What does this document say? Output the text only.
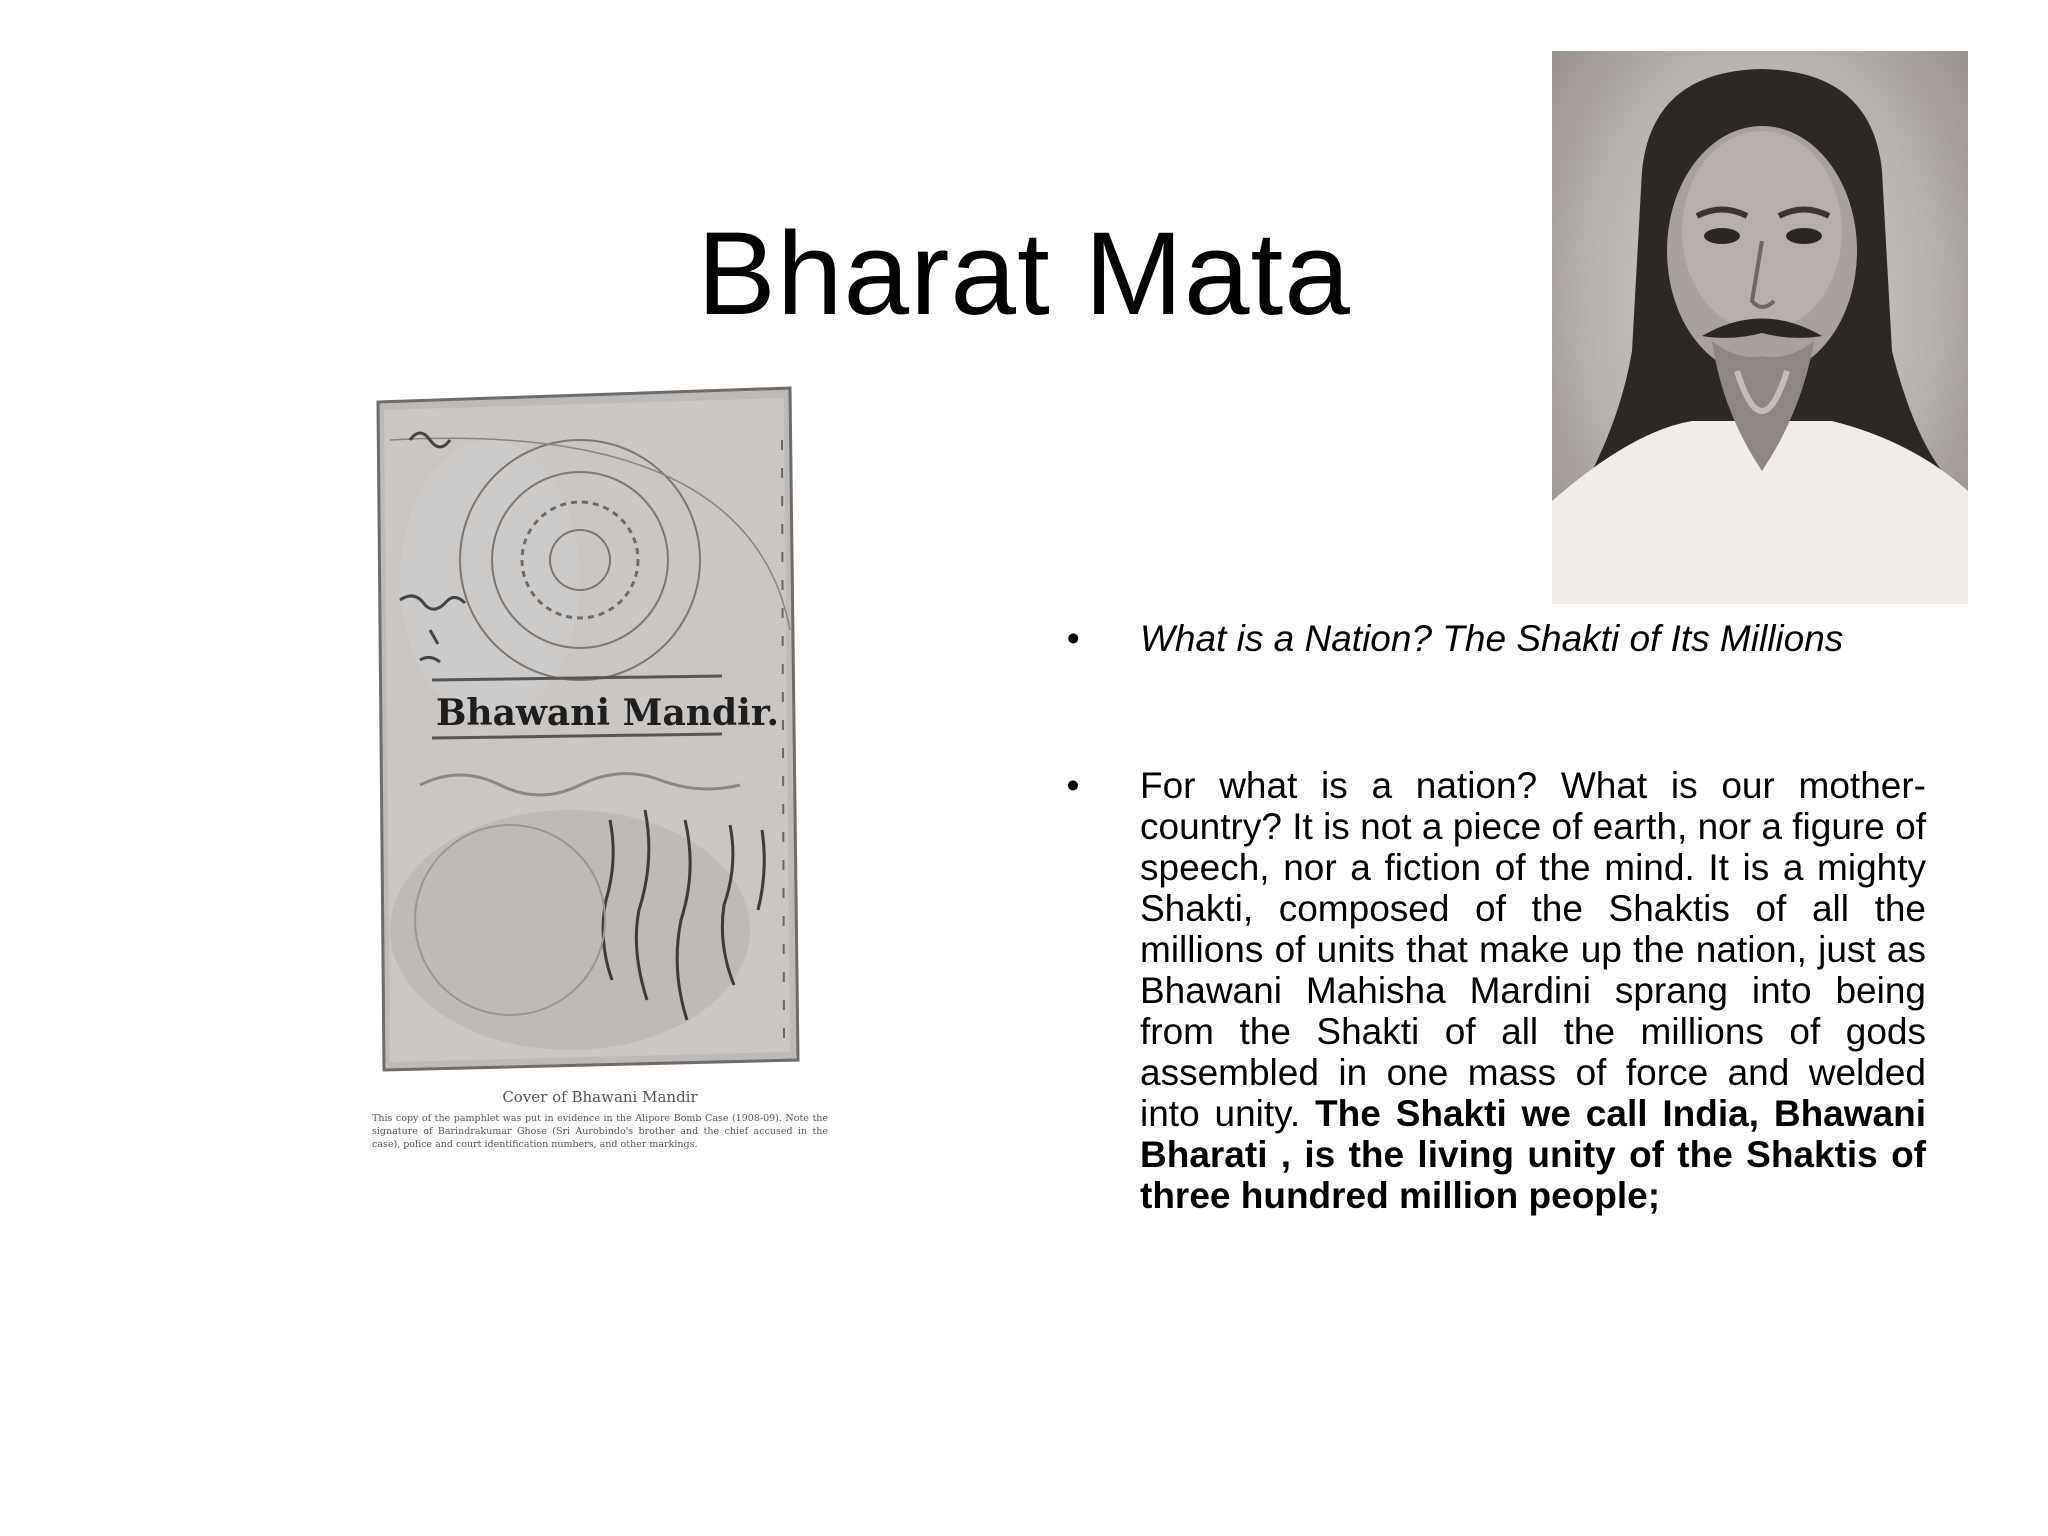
Bharat Mata
Bhawani Mandir.
Cover of Bhawani Mandir
This copy of the pamphlet was put in evidence in the Alipore Bomb Case (1908-09). Note the signature of Barindrakumar Ghose (Sri Aurobindo's brother and the chief accused in the case), police and court identification numbers, and other markings.
• What is a Nation? The Shakti of Its Millions
• For what is a nation? What is our mother-country? It is not a piece of earth, nor a figure of speech, nor a fiction of the mind. It is a mighty Shakti, composed of the Shaktis of all the millions of units that make up the nation, just as Bhawani Mahisha Mardini sprang into being from the Shakti of all the millions of gods assembled in one mass of force and welded into unity. The Shakti we call India, Bhawani Bharati , is the living unity of the Shaktis of three hundred million people;
